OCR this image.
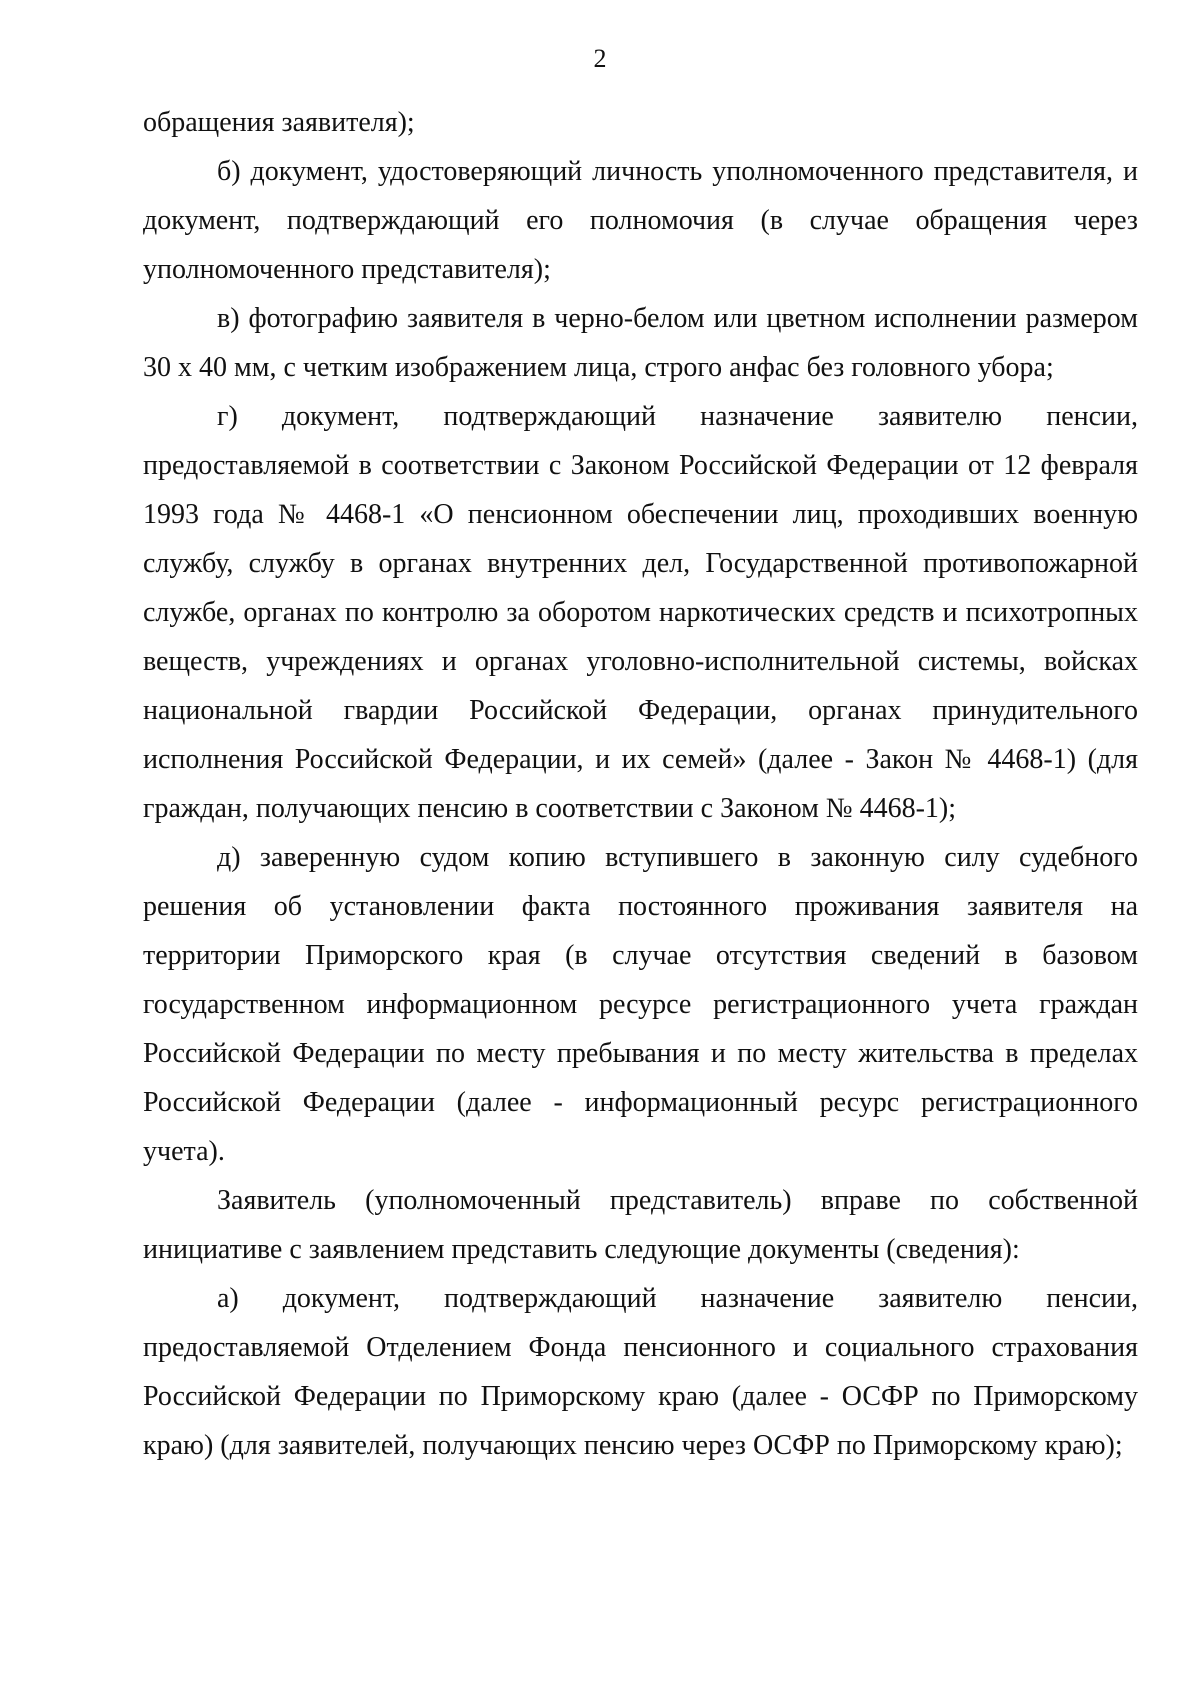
2

обращения заявителя);

б) документ, удостоверяющий личность уполномоченного представителя, и документ, подтверждающий его полномочия (в случае обращения через уполномоченного представителя);

в) фотографию заявителя в черно-белом или цветном исполнении размером 30 x 40 мм, с четким изображением лица, строго анфас без головного убора;

г) документ, подтверждающий назначение заявителю пенсии, предоставляемой в соответствии с Законом Российской Федерации от 12 февраля 1993 года № 4468-1 «О пенсионном обеспечении лиц, проходивших военную службу, службу в органах внутренних дел, Государственной противопожарной службе, органах по контролю за оборотом наркотических средств и психотропных веществ, учреждениях и органах уголовно-исполнительной системы, войсках национальной гвардии Российской Федерации, органах принудительного исполнения Российской Федерации, и их семей» (далее - Закон № 4468-1) (для граждан, получающих пенсию в соответствии с Законом № 4468-1);

д) заверенную судом копию вступившего в законную силу судебного решения об установлении факта постоянного проживания заявителя на территории Приморского края (в случае отсутствия сведений в базовом государственном информационном ресурсе регистрационного учета граждан Российской Федерации по месту пребывания и по месту жительства в пределах Российской Федерации (далее - информационный ресурс регистрационного учета).

Заявитель (уполномоченный представитель) вправе по собственной инициативе с заявлением представить следующие документы (сведения):

а) документ, подтверждающий назначение заявителю пенсии, предоставляемой Отделением Фонда пенсионного и социального страхования Российской Федерации по Приморскому краю (далее - ОСФР по Приморскому краю) (для заявителей, получающих пенсию через ОСФР по Приморскому краю);
